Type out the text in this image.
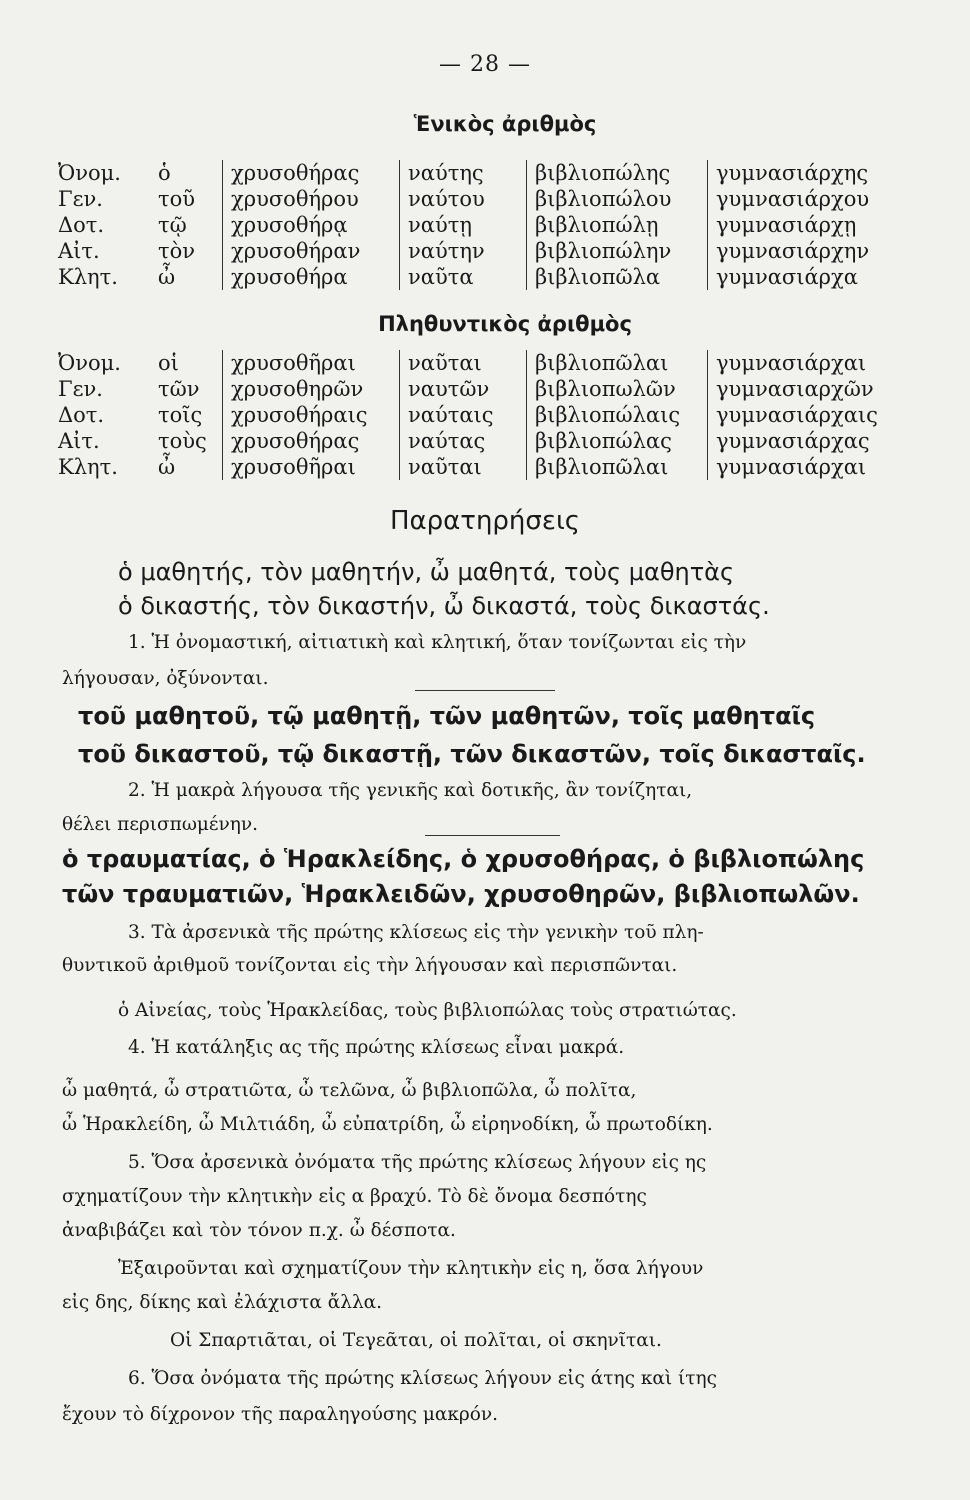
— 28 —
Ἑνικὸς ἀριθμὸς
Ὀνομ.	ὁ	χρυσοθήρας	ναύτης	βιβλιοπώλης	γυμνασιάρχης
Γεν.	τοῦ	χρυσοθήρου	ναύτου	βιβλιοπώλου	γυμνασιάρχου
Δοτ.	τῷ	χρυσοθήρᾳ	ναύτῃ	βιβλιοπώλῃ	γυμνασιάρχῃ
Αἰτ.	τὸν	χρυσοθήραν	ναύτην	βιβλιοπώλην	γυμνασιάρχην
Κλητ.	ὦ	χρυσοθήρα	ναῦτα	βιβλιοπῶλα	γυμνασιάρχα
Πληθυντικὸς ἀριθμὸς
Ὀνομ.	οἱ	χρυσοθῆραι	ναῦται	βιβλιοπῶλαι	γυμνασιάρχαι
Γεν.	τῶν	χρυσοθηρῶν	ναυτῶν	βιβλιοπωλῶν	γυμνασιαρχῶν
Δοτ.	τοῖς	χρυσοθήραις	ναύταις	βιβλιοπώλαις	γυμνασιάρχαις
Αἰτ.	τοὺς	χρυσοθήρας	ναύτας	βιβλιοπώλας	γυμνασιάρχας
Κλητ.	ὦ	χρυσοθῆραι	ναῦται	βιβλιοπῶλαι	γυμνασιάρχαι
Παρατηρήσεις
ὁ μαθητής, τὸν μαθητήν, ὦ μαθητά, τοὺς μαθητὰς
ὁ δικαστής, τὸν δικαστήν, ὦ δικαστά, τοὺς δικαστάς.
1. Ἡ ὀνομαστική, αἰτιατικὴ καὶ κλητική, ὅταν τονίζωνται εἰς τὴν
λήγουσαν, ὀξύνονται.
τοῦ μαθητοῦ, τῷ μαθητῇ, τῶν μαθητῶν, τοῖς μαθηταῖς
τοῦ δικαστοῦ, τῷ δικαστῇ, τῶν δικαστῶν, τοῖς δικασταῖς.
2. Ἡ μακρὰ λήγουσα τῆς γενικῆς καὶ δοτικῆς, ἂν τονίζηται,
θέλει περισπωμένην.
ὁ τραυματίας, ὁ Ἡρακλείδης, ὁ χρυσοθήρας, ὁ βιβλιοπώλης
τῶν τραυματιῶν, Ἡρακλειδῶν, χρυσοθηρῶν, βιβλιοπωλῶν.
3. Τὰ ἀρσενικὰ τῆς πρώτης κλίσεως εἰς τὴν γενικὴν τοῦ πλη-
θυντικοῦ ἀριθμοῦ τονίζονται εἰς τὴν λήγουσαν καὶ περισπῶνται.
ὁ Αἰνείας, τοὺς Ἡρακλείδας, τοὺς βιβλιοπώλας τοὺς στρατιώτας.
4. Ἡ κατάληξις ας τῆς πρώτης κλίσεως εἶναι μακρά.
ὦ μαθητά, ὦ στρατιῶτα, ὦ τελῶνα, ὦ βιβλιοπῶλα, ὦ πολῖτα,
ὦ Ἡρακλείδη, ὦ Μιλτιάδη, ὦ εὐπατρίδη, ὦ εἰρηνοδίκη, ὦ πρωτοδίκη.
5. Ὅσα ἀρσενικὰ ὀνόματα τῆς πρώτης κλίσεως λήγουν εἰς ης
σχηματίζουν τὴν κλητικὴν εἰς α βραχύ. Τὸ δὲ ὄνομα δεσπότης
ἀναβιβάζει καὶ τὸν τόνον π.χ. ὦ δέσποτα.
Ἐξαιροῦνται καὶ σχηματίζουν τὴν κλητικὴν εἰς η, ὅσα λήγουν
εἰς δης, δίκης καὶ ἐλάχιστα ἄλλα.
Οἱ Σπαρτιᾶται, οἱ Τεγεᾶται, οἱ πολῖται, οἱ σκηνῖται.
6. Ὅσα ὀνόματα τῆς πρώτης κλίσεως λήγουν εἰς άτης καὶ ίτης
ἔχουν τὸ δίχρονον τῆς παραληγούσης μακρόν.
